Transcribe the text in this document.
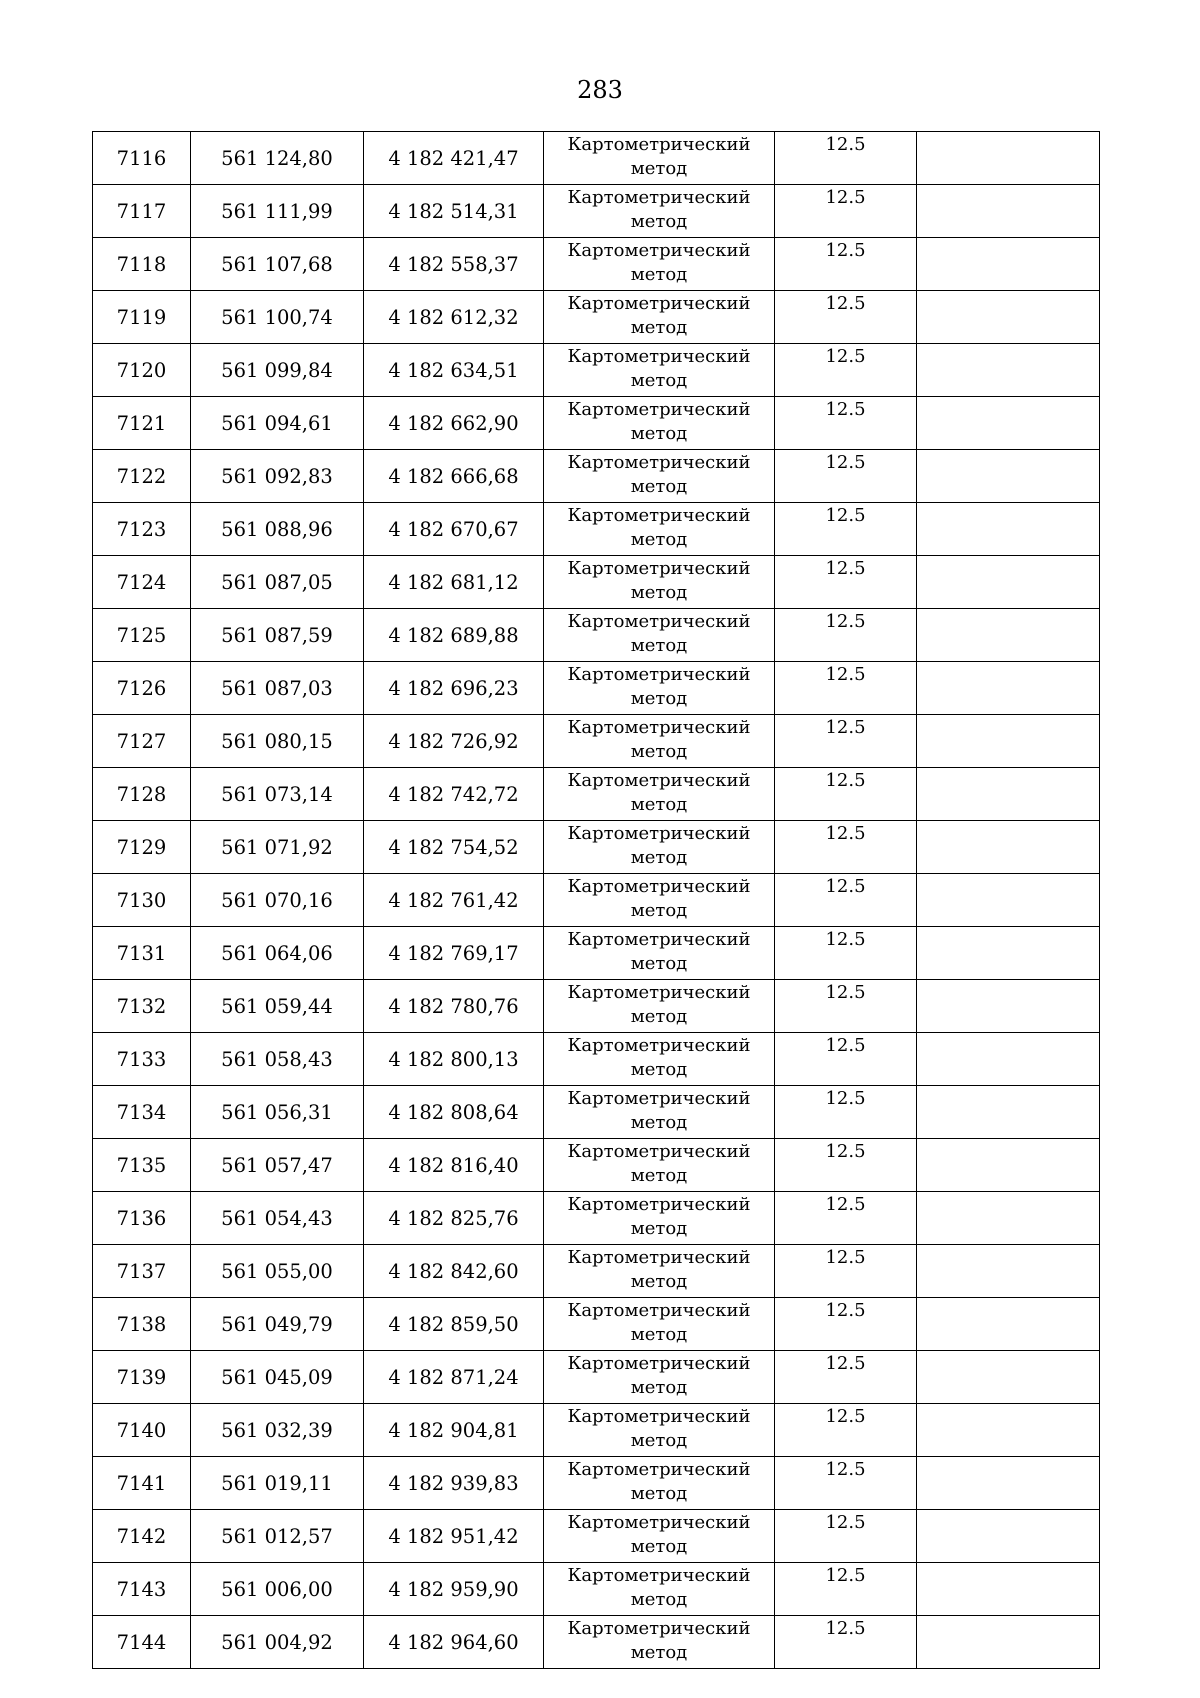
283
7116	561 124,80	4 182 421,47	Картометрический
метод	12.5	
7117	561 111,99	4 182 514,31	Картометрический
метод	12.5	
7118	561 107,68	4 182 558,37	Картометрический
метод	12.5	
7119	561 100,74	4 182 612,32	Картометрический
метод	12.5	
7120	561 099,84	4 182 634,51	Картометрический
метод	12.5	
7121	561 094,61	4 182 662,90	Картометрический
метод	12.5	
7122	561 092,83	4 182 666,68	Картометрический
метод	12.5	
7123	561 088,96	4 182 670,67	Картометрический
метод	12.5	
7124	561 087,05	4 182 681,12	Картометрический
метод	12.5	
7125	561 087,59	4 182 689,88	Картометрический
метод	12.5	
7126	561 087,03	4 182 696,23	Картометрический
метод	12.5	
7127	561 080,15	4 182 726,92	Картометрический
метод	12.5	
7128	561 073,14	4 182 742,72	Картометрический
метод	12.5	
7129	561 071,92	4 182 754,52	Картометрический
метод	12.5	
7130	561 070,16	4 182 761,42	Картометрический
метод	12.5	
7131	561 064,06	4 182 769,17	Картометрический
метод	12.5	
7132	561 059,44	4 182 780,76	Картометрический
метод	12.5	
7133	561 058,43	4 182 800,13	Картометрический
метод	12.5	
7134	561 056,31	4 182 808,64	Картометрический
метод	12.5	
7135	561 057,47	4 182 816,40	Картометрический
метод	12.5	
7136	561 054,43	4 182 825,76	Картометрический
метод	12.5	
7137	561 055,00	4 182 842,60	Картометрический
метод	12.5	
7138	561 049,79	4 182 859,50	Картометрический
метод	12.5	
7139	561 045,09	4 182 871,24	Картометрический
метод	12.5	
7140	561 032,39	4 182 904,81	Картометрический
метод	12.5	
7141	561 019,11	4 182 939,83	Картометрический
метод	12.5	
7142	561 012,57	4 182 951,42	Картометрический
метод	12.5	
7143	561 006,00	4 182 959,90	Картометрический
метод	12.5	
7144	561 004,92	4 182 964,60	Картометрический
метод	12.5	
